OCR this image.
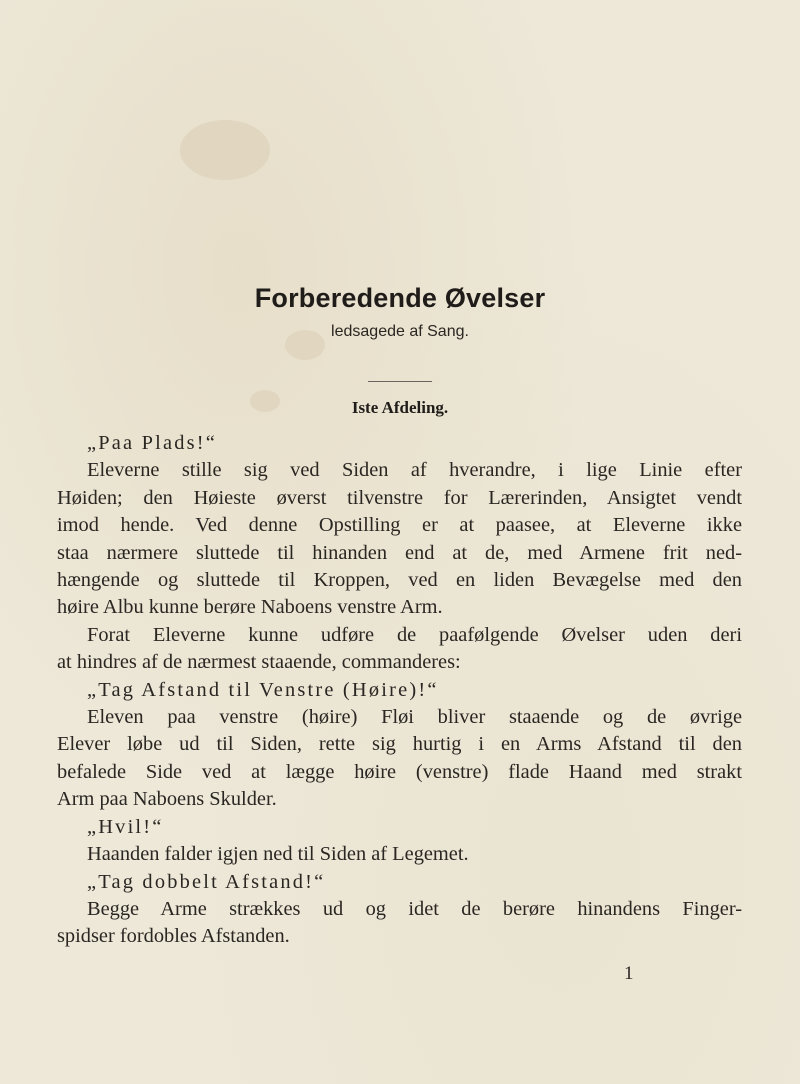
Forberedende Øvelser
ledsagede af Sang.
Iste Afdeling.
„Paa Plads!“
Eleverne stille sig ved Siden af hverandre, i lige Linie efter
Høiden; den Høieste øverst tilvenstre for Lærerinden, Ansigtet vendt
imod hende. Ved denne Opstilling er at paasee, at Eleverne ikke
staa nærmere sluttede til hinanden end at de, med Armene frit ned-
hængende og sluttede til Kroppen, ved en liden Bevægelse med den
høire Albu kunne berøre Naboens venstre Arm.
Forat Eleverne kunne udføre de paafølgende Øvelser uden deri
at hindres af de nærmest staaende, commanderes:
„Tag Afstand til Venstre (Høire)!“
Eleven paa venstre (høire) Fløi bliver staaende og de øvrige
Elever løbe ud til Siden, rette sig hurtig i en Arms Afstand til den
befalede Side ved at lægge høire (venstre) flade Haand med strakt
Arm paa Naboens Skulder.
„Hvil!“
Haanden falder igjen ned til Siden af Legemet.
„Tag dobbelt Afstand!“
Begge Arme strækkes ud og idet de berøre hinandens Finger-
spidser fordobles Afstanden.
1
